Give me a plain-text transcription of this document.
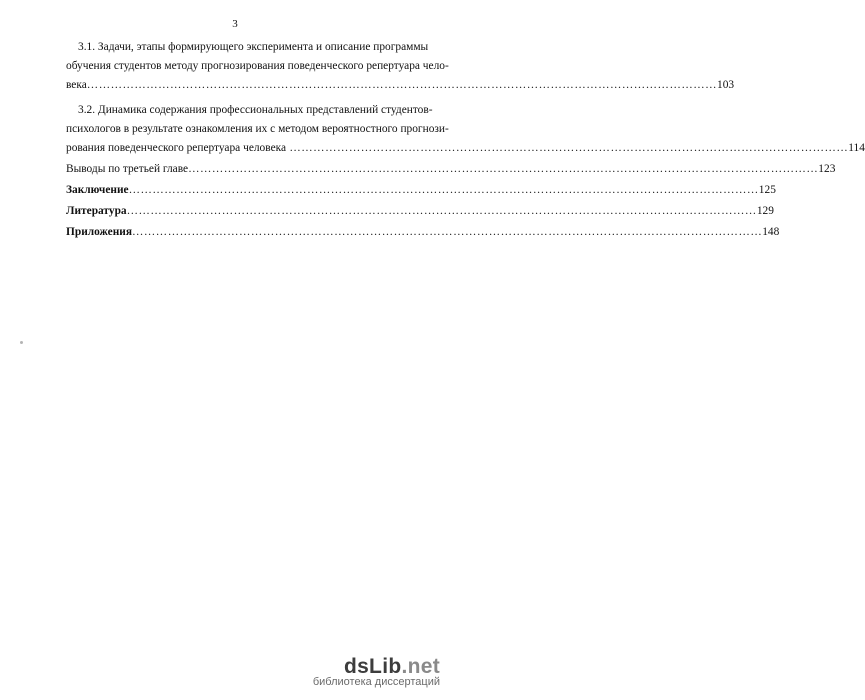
3
3.1. Задачи, этапы формирующего эксперимента и описание программы
обучения студентов методу прогнозирования поведенческого репертуара чело-
века …………………………………………………………………………………………………………………………………………… 103
3.2. Динамика содержания профессиональных представлений студентов-
психологов в результате ознакомления их с методом вероятностного прогнози-
рования поведенческого репертуара человека …………………………………………………………………………………………………………………………… 114
Выводы по третьей главе …………………………………………………………………………………………………………………………………………… 123
Заключение …………………………………………………………………………………………………………………………………………… 125
Литература …………………………………………………………………………………………………………………………………………… 129
Приложения …………………………………………………………………………………………………………………………………………… 148
dsLib.net
библиотека диссертаций
